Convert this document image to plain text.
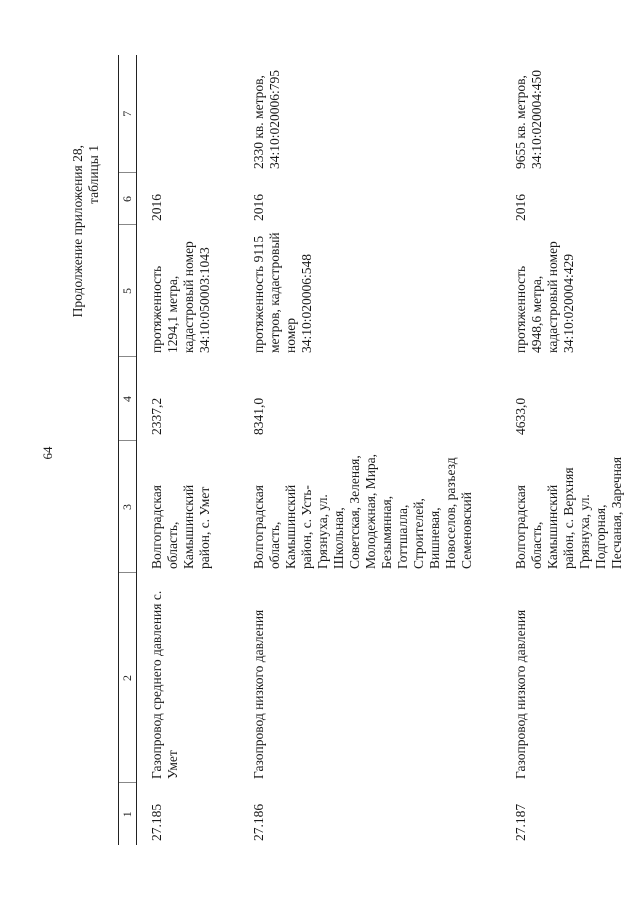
64
Продолжение приложения 28, таблицы 1
1	2	3	4	5	6	7
27.185	Газопровод среднего давления с. Умет	Волгоградская область, Камышинский район, с. Умет	2337,2	протяженность 1294,1 метра, кадастровый номер 34:10:050003:1043	2016	
27.186	Газопровод низкого давления	Волгоградская область, Камышинский район, с. Усть-Грязнуха, ул. Школьная, Советская, Зеленая, Молодежная, Мира, Безымянная, Готтшалла, Строителей, Вишневая, Новоселов, разъезд Семеновский	8341,0	протяженность 9115 метров, кадастровый номер 34:10:020006:548	2016	2330 кв. метров, 34:10:020006:795
27.187	Газопровод низкого давления	Волгоградская область, Камышинский район, с. Верхняя Грязнуха, ул. Подгорная, Песчаная, Заречная	4633,0	протяженность 4948,6 метра, кадастровый номер 34:10:020004:429	2016	9655 кв. метров, 34:10:020004:450
